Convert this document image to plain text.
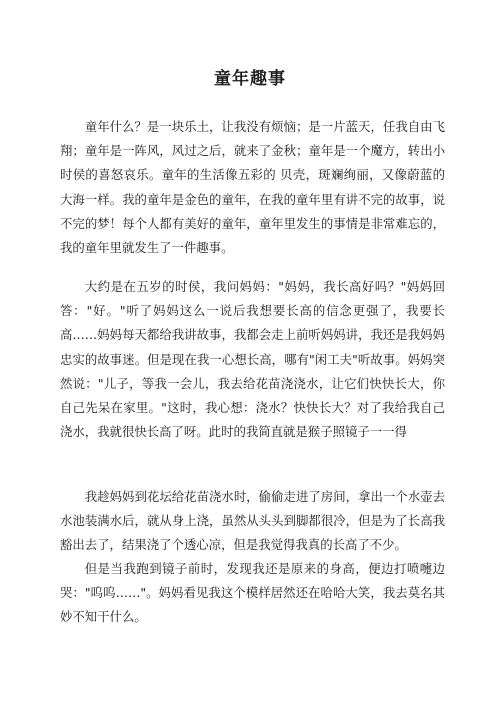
童年趣事

童年什么？是一块乐土，让我没有烦恼；是一片蓝天，任我自由飞翔；童年是一阵风，风过之后，就来了金秋；童年是一个魔方，转出小时侯的喜怒哀乐。童年的生活像五彩的 贝壳，斑斓绚丽，又像蔚蓝的大海一样。我的童年是金色的童年，在我的童年里有讲不完的故事，说不完的梦！每个人都有美好的童年，童年里发生的事情是非常难忘的，我的童年里就发生了一件趣事。

大约是在五岁的时侯，我问妈妈："妈妈，我长高好吗？"妈妈回答："好。"听了妈妈这么一说后我想要长高的信念更强了，我要长高……妈妈每天都给我讲故事，我都会走上前听妈妈讲，我还是我妈妈忠实的故事迷。但是现在我一心想长高，哪有"闲工夫"听故事。妈妈突然说："儿子，等我一会儿，我去给花苗浇浇水，让它们快快长大，你自己先呆在家里。"这时，我心想：浇水？快快长大？对了我给我自己浇水，我就很快长高了呀。此时的我简直就是猴子照镜子一一得

我趁妈妈到花坛给花苗浇水时，偷偷走进了房间，拿出一个水壶去水池装满水后，就从身上浇，虽然从头头到脚都很冷，但是为了长高我豁出去了，结果浇了个透心凉，但是我觉得我真的长高了不少。

但是当我跑到镜子前时，发现我还是原来的身高，便边打喷嚏边哭："呜呜……"。妈妈看见我这个模样居然还在哈哈大笑，我去莫名其妙不知干什么。
